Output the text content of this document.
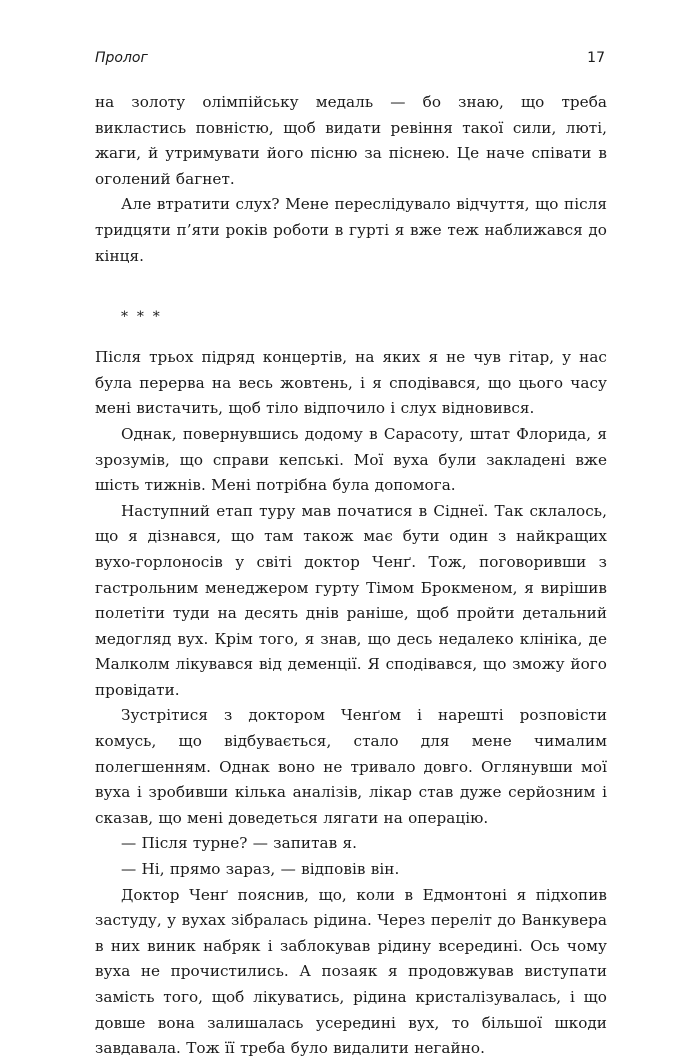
Пролог	17

на золоту олімпійську медаль — бо знаю, що треба викластись повністю, щоб видати ревіння такої сили, люті, жаги, й утримувати його пісню за піснею. Це наче співати в оголений багнет.

Але втратити слух? Мене переслідувало відчуття, що після тридцяти п’яти років роботи в гурті я вже теж наближався до кінця.

* * *

Після трьох підряд концертів, на яких я не чув гітар, у нас була перерва на весь жовтень, і я сподівався, що цього часу мені вистачить, щоб тіло відпочило і слух відновився.

Однак, повернувшись додому в Сарасоту, штат Флорида, я зрозумів, що справи кепські. Мої вуха були закладені вже шість тижнів. Мені потрібна була допомога.

Наступний етап туру мав початися в Сіднеї. Так склалось, що я дізнався, що там також має бути один з найкращих вухо-горлоносів у світі доктор Ченґ. Тож, поговоривши з гастрольним менеджером гурту Тімом Брокменом, я вирішив полетіти туди на десять днів раніше, щоб пройти детальний медогляд вух. Крім того, я знав, що десь недалеко клініка, де Малколм лікувався від деменції. Я сподівався, що зможу його провідати.

Зустрітися з доктором Ченґом і нарешті розповісти комусь, що відбувається, стало для мене чималим полегшенням. Однак воно не тривало довго. Оглянувши мої вуха і зробивши кілька аналізів, лікар став дуже серйозним і сказав, що мені доведеться лягати на операцію.

— Після турне? — запитав я.

— Ні, прямо зараз, — відповів він.

Доктор Ченґ пояснив, що, коли в Едмонтоні я підхопив застуду, у вухах зібралась рідина. Через переліт до Ванкувера в них виник набряк і заблокував рідину всередині. Ось чому вуха не прочистились. А позаяк я продовжував виступати замість того, щоб лікуватись, рідина кристалізувалась, і що довше вона залишалась усередині вух, то більшої шкоди завдавала. Тож її треба було видалити негайно.
